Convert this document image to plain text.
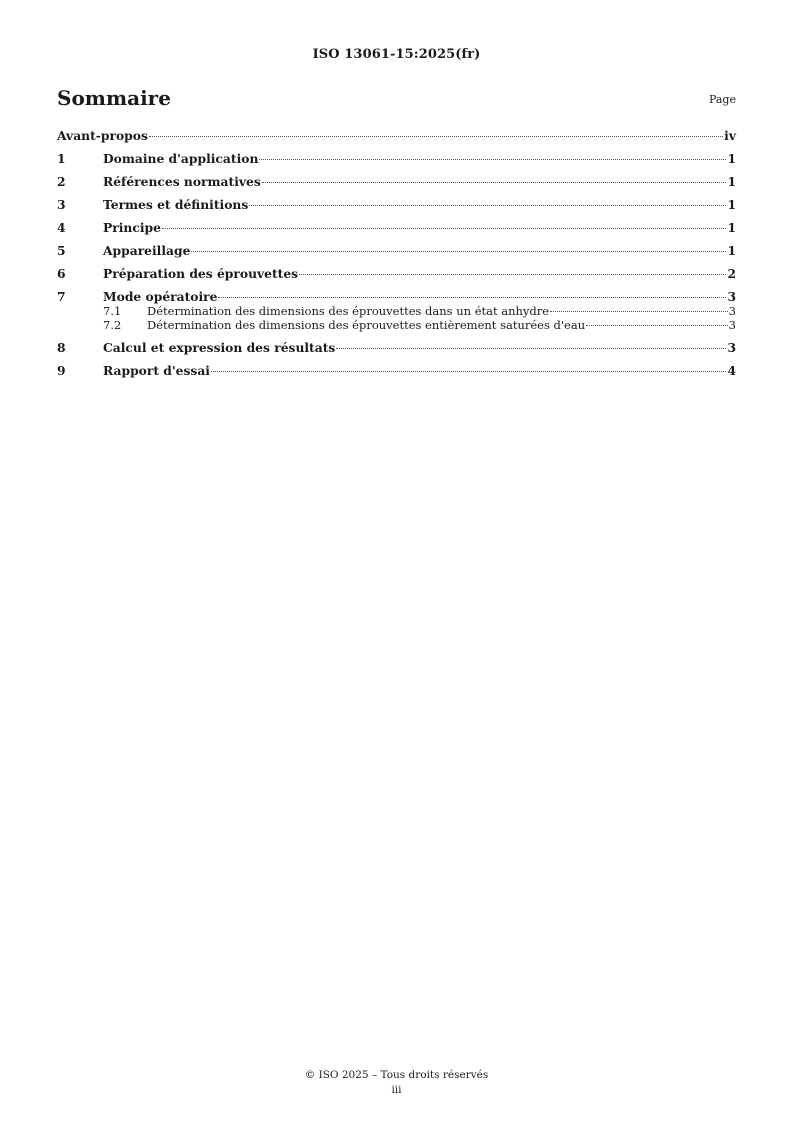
ISO 13061-15:2025(fr)
Sommaire	Page
Avant-propos	iv
1	Domaine d'application	1
2	Références normatives	1
3	Termes et définitions	1
4	Principe	1
5	Appareillage	1
6	Préparation des éprouvettes	2
7	Mode opératoire	3
7.1	Détermination des dimensions des éprouvettes dans un état anhydre	3
7.2	Détermination des dimensions des éprouvettes entièrement saturées d'eau	3
8	Calcul et expression des résultats	3
9	Rapport d'essai	4
© ISO 2025 – Tous droits réservés
iii
